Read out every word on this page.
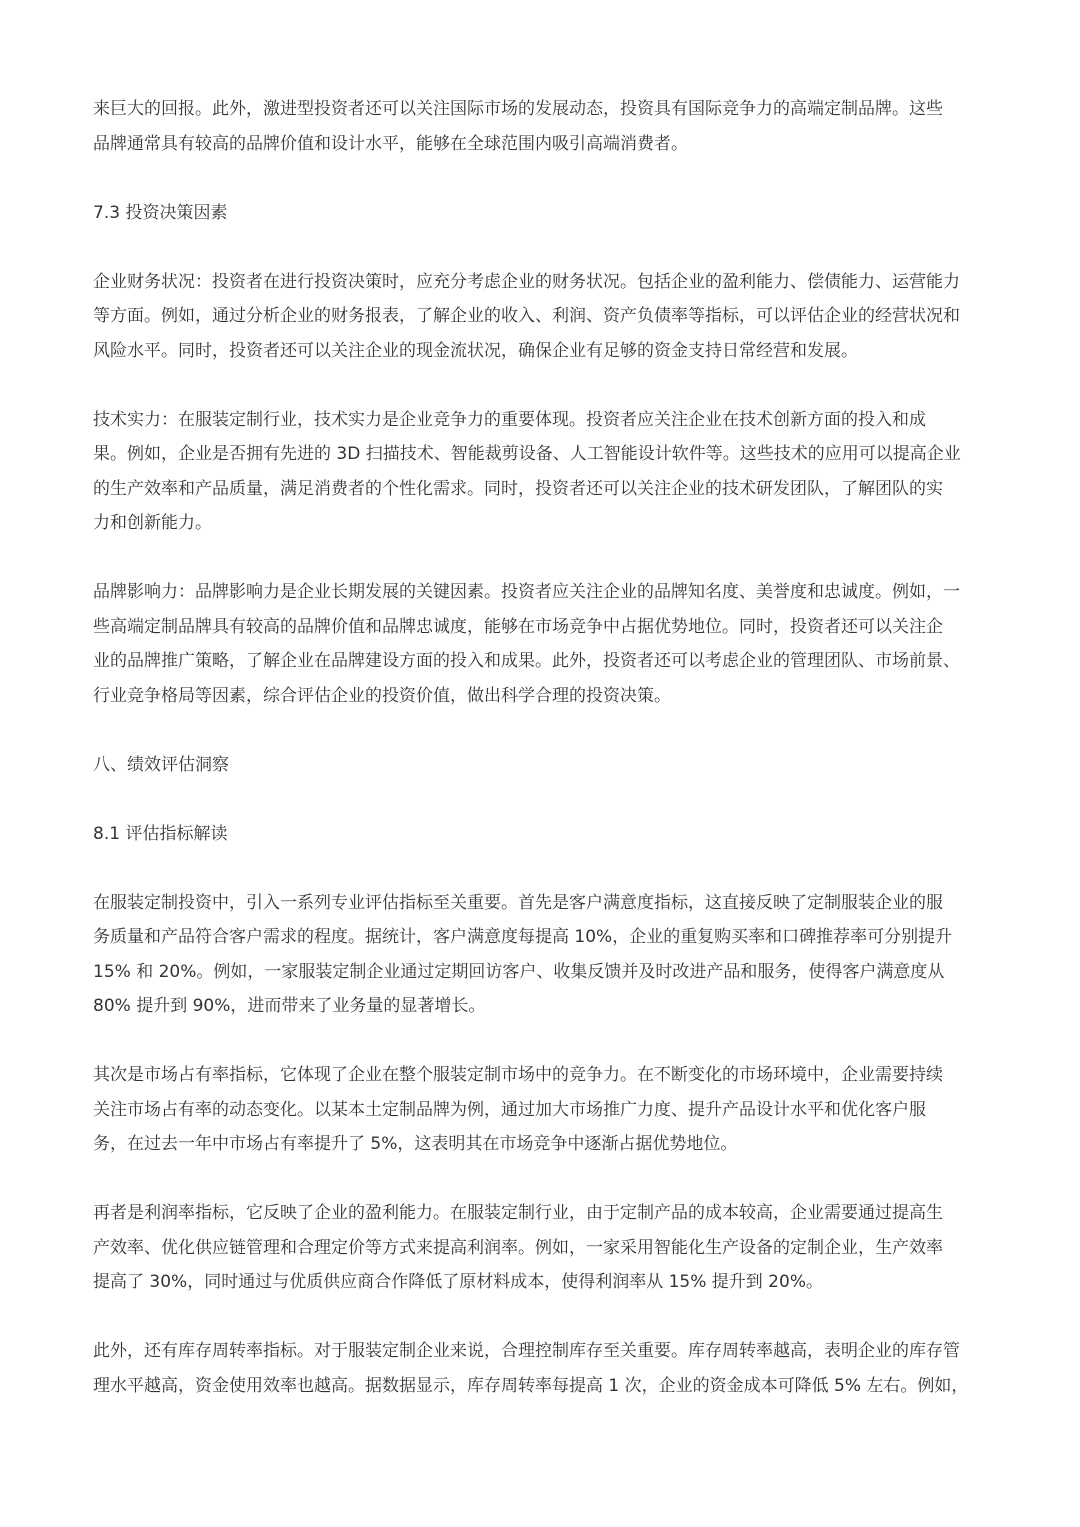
来巨大的回报。此外，激进型投资者还可以关注国际市场的发展动态，投资具有国际竞争力的高端定制品牌。这些
品牌通常具有较高的品牌价值和设计水平，能够在全球范围内吸引高端消费者。

7.3 投资决策因素

企业财务状况：投资者在进行投资决策时，应充分考虑企业的财务状况。包括企业的盈利能力、偿债能力、运营能力
等方面。例如，通过分析企业的财务报表，了解企业的收入、利润、资产负债率等指标，可以评估企业的经营状况和
风险水平。同时，投资者还可以关注企业的现金流状况，确保企业有足够的资金支持日常经营和发展。

技术实力：在服装定制行业，技术实力是企业竞争力的重要体现。投资者应关注企业在技术创新方面的投入和成
果。例如，企业是否拥有先进的 3D 扫描技术、智能裁剪设备、人工智能设计软件等。这些技术的应用可以提高企业
的生产效率和产品质量，满足消费者的个性化需求。同时，投资者还可以关注企业的技术研发团队，了解团队的实
力和创新能力。

品牌影响力：品牌影响力是企业长期发展的关键因素。投资者应关注企业的品牌知名度、美誉度和忠诚度。例如，一
些高端定制品牌具有较高的品牌价值和品牌忠诚度，能够在市场竞争中占据优势地位。同时，投资者还可以关注企
业的品牌推广策略，了解企业在品牌建设方面的投入和成果。此外，投资者还可以考虑企业的管理团队、市场前景、
行业竞争格局等因素，综合评估企业的投资价值，做出科学合理的投资决策。

八、绩效评估洞察

8.1 评估指标解读

在服装定制投资中，引入一系列专业评估指标至关重要。首先是客户满意度指标，这直接反映了定制服装企业的服
务质量和产品符合客户需求的程度。据统计，客户满意度每提高 10%，企业的重复购买率和口碑推荐率可分别提升
15% 和 20%。例如，一家服装定制企业通过定期回访客户、收集反馈并及时改进产品和服务，使得客户满意度从
80% 提升到 90%，进而带来了业务量的显著增长。

其次是市场占有率指标，它体现了企业在整个服装定制市场中的竞争力。在不断变化的市场环境中，企业需要持续
关注市场占有率的动态变化。以某本土定制品牌为例，通过加大市场推广力度、提升产品设计水平和优化客户服
务，在过去一年中市场占有率提升了 5%，这表明其在市场竞争中逐渐占据优势地位。

再者是利润率指标，它反映了企业的盈利能力。在服装定制行业，由于定制产品的成本较高，企业需要通过提高生
产效率、优化供应链管理和合理定价等方式来提高利润率。例如，一家采用智能化生产设备的定制企业，生产效率
提高了 30%，同时通过与优质供应商合作降低了原材料成本，使得利润率从 15% 提升到 20%。

此外，还有库存周转率指标。对于服装定制企业来说，合理控制库存至关重要。库存周转率越高，表明企业的库存管
理水平越高，资金使用效率也越高。据数据显示，库存周转率每提高 1 次，企业的资金成本可降低 5% 左右。例如，
